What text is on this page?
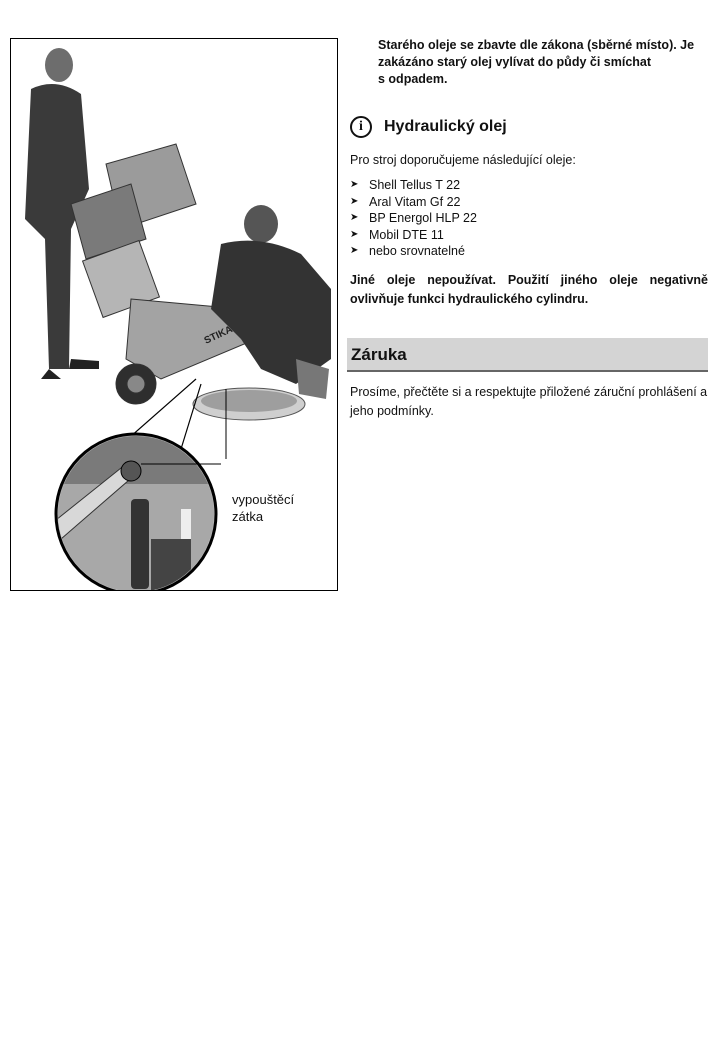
STIKA
vypouštěcí
zátka
Starého oleje se zbavte dle zákona (sběrné místo). Je
zakázáno starý olej vylívat do půdy či smíchat
s odpadem.
i	Hydraulický olej
Pro stroj doporučujeme následující oleje:
➤ Shell Tellus T 22
➤ Aral Vitam Gf 22
➤ BP Energol HLP 22
➤ Mobil DTE 11
➤ nebo srovnatelné
Jiné oleje nepoužívat. Použití jiného oleje negativně ovlivňuje funkci hydraulického cylindru.
Záruka
Prosíme, přečtěte si a respektujte přiložené záruční prohlášení a jeho podmínky.
